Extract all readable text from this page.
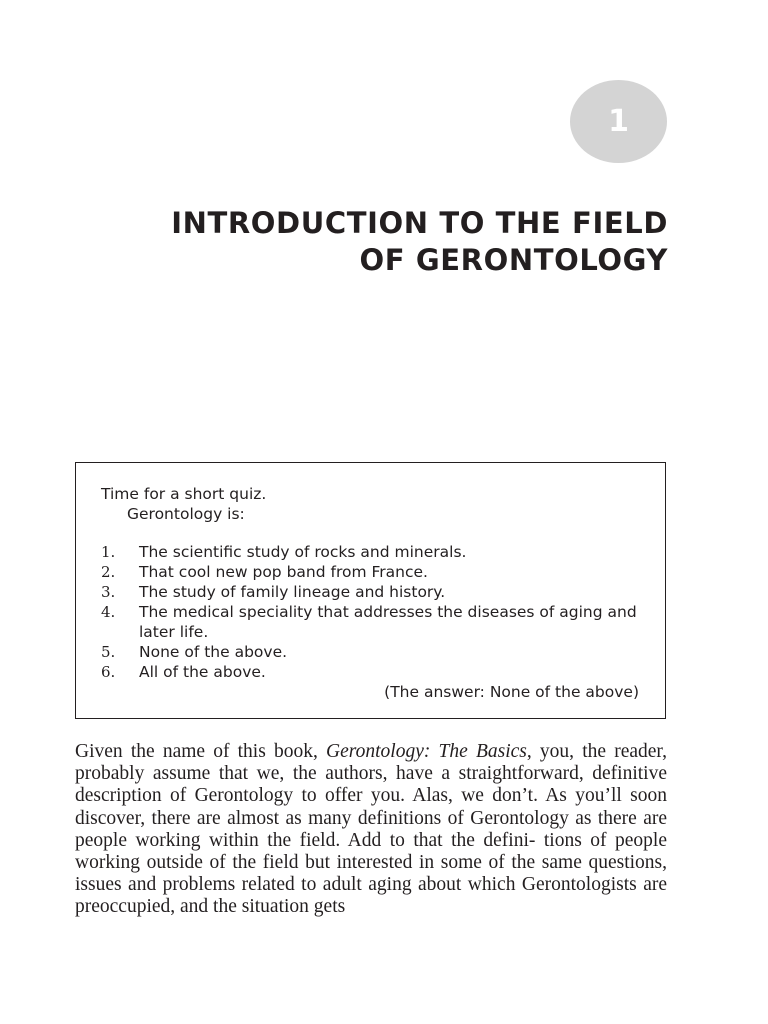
1
INTRODUCTION TO THE FIELD
OF GERONTOLOGY
Time for a short quiz.
Gerontology is:
1.	The scientific study of rocks and minerals.
2.	That cool new pop band from France.
3.	The study of family lineage and history.
4.	The medical speciality that addresses the diseases of aging and later life.
5.	None of the above.
6.	All of the above.
(The answer: None of the above)

Given the name of this book, Gerontology: The Basics, you, the reader, probably assume that we, the authors, have a straightforward, definitive description of Gerontology to offer you. Alas, we don’t. As you’ll soon discover, there are almost as many definitions of Gerontology as there are people working within the field. Add to that the defini- tions of people working outside of the field but interested in some of the same questions, issues and problems related to adult aging about which Gerontologists are preoccupied, and the situation gets
